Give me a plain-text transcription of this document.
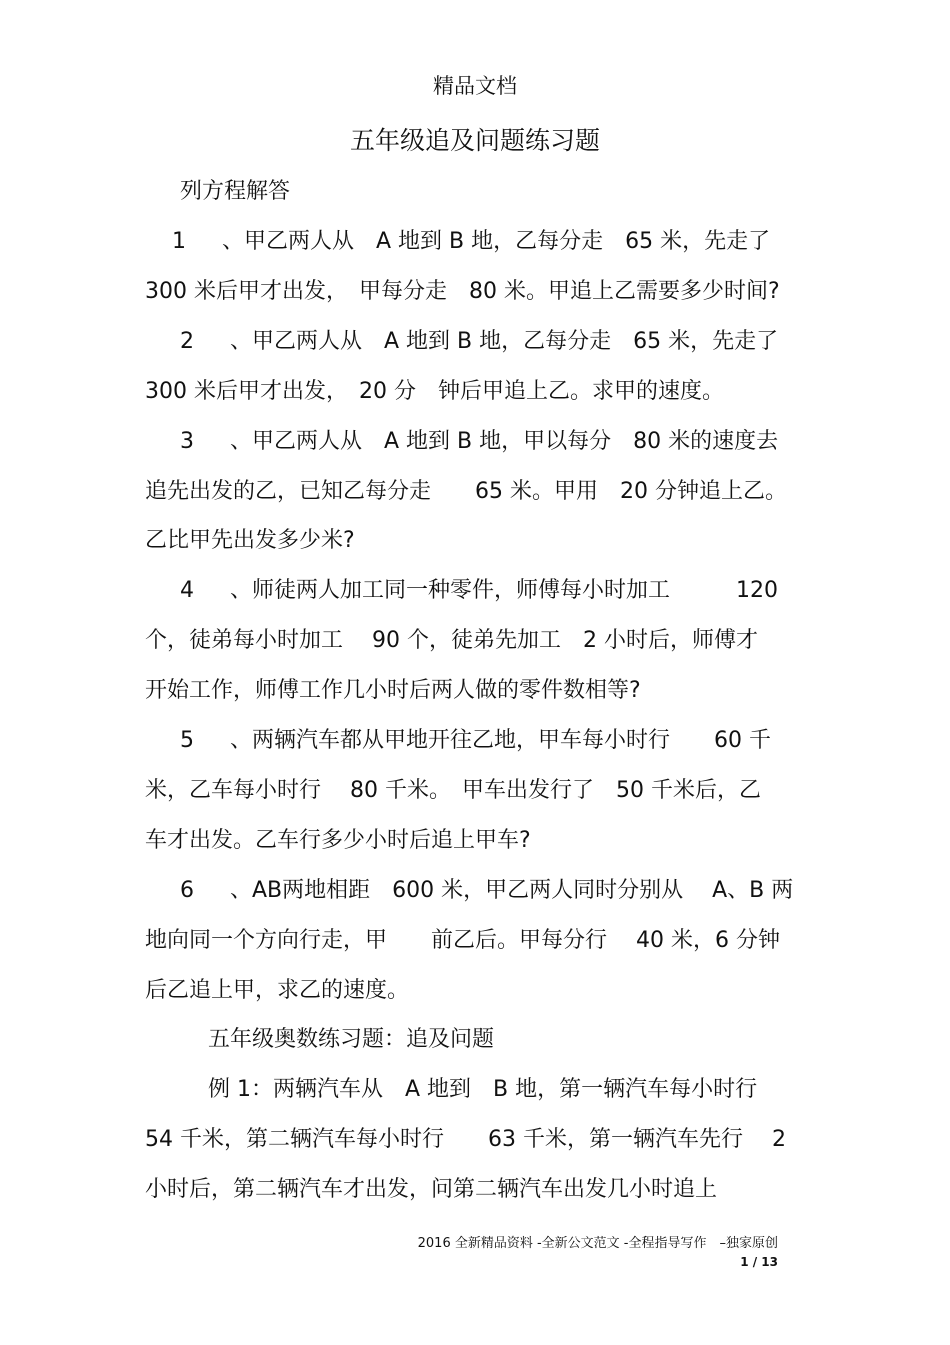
精品文档
五年级追及问题练习题
列方程解答
1 　 、甲乙两人从　A 地到 B 地，乙每分走　65 米，先走了
300 米后甲才出发，　甲每分走　80 米。甲追上乙需要多少时间?
2 　 、甲乙两人从　A 地到 B 地，乙每分走　65 米，先走了
300 米后甲才出发，　20 分　钟后甲追上乙。求甲的速度。
3 　 、甲乙两人从　A 地到 B 地，甲以每分　80 米的速度去
追先出发的乙，已知乙每分走　　65 米。甲用　20 分钟追上乙。
乙比甲先出发多少米?
4 　 、师徒两人加工同一种零件，师傅每小时加工　　　120
个，徒弟每小时加工　 90 个，徒弟先加工　2 小时后，师傅才
开始工作，师傅工作几小时后两人做的零件数相等?
5 　 、两辆汽车都从甲地开往乙地，甲车每小时行　　60 千
米，乙车每小时行　 80 千米。　甲车出发行了　50 千米后，乙
车才出发。乙车行多少小时后追上甲车?
6 　 、AB两地相距　600 米，甲乙两人同时分别从　 A、B 两
地向同一个方向行走，甲　　前乙后。甲每分行　 40 米，6 分钟
后乙追上甲，求乙的速度。
五年级奥数练习题：追及问题
例 1：两辆汽车从　A 地到　B 地，第一辆汽车每小时行
54 千米，第二辆汽车每小时行　　63 千米，第一辆汽车先行　 2
小时后，第二辆汽车才出发，问第二辆汽车出发几小时追上
2016 全新精品资料 -全新公文范文 -全程指导写作　–独家原创
1 / 13
